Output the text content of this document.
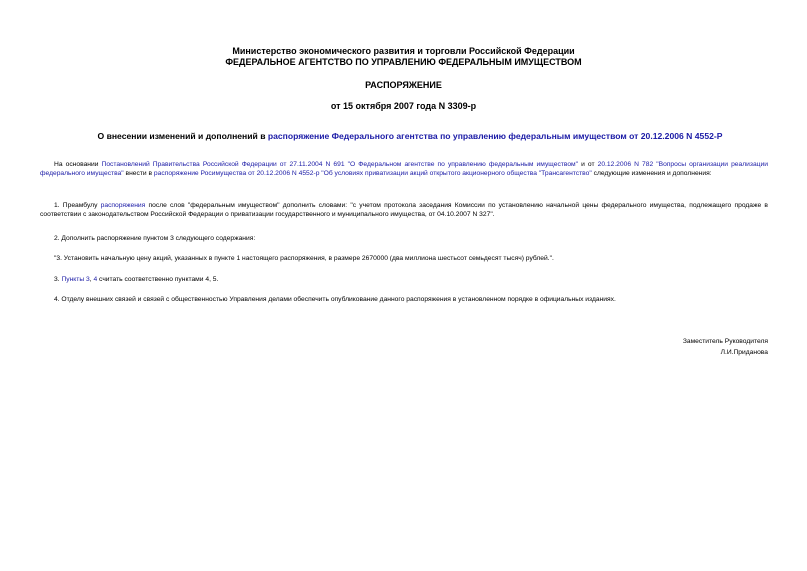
Министерство экономического развития и торговли Российской Федерации
ФЕДЕРАЛЬНОЕ АГЕНТСТВО ПО УПРАВЛЕНИЮ ФЕДЕРАЛЬНЫМ ИМУЩЕСТВОМ
РАСПОРЯЖЕНИЕ
от 15 октября 2007 года N 3309-р
О внесении изменений и дополнений в распоряжение Федерального агентства по управлению федеральным имуществом от 20.12.2006 N 4552-Р
На основании Постановлений Правительства Российской Федерации от 27.11.2004 N 691 "О Федеральном агентстве по управлению федеральным имуществом" и от 20.12.2006 N 782 "Вопросы организации реализации федерального имущества" внести в распоряжение Росимущества от 20.12.2006 N 4552-р "Об условиях приватизации акций открытого акционерного общества "Трансагентство" следующие изменения и дополнения:
1. Преамбулу распоряжения после слов "федеральным имуществом" дополнить словами: "с учетом протокола заседания Комиссии по установлению начальной цены федерального имущества, подлежащего продаже в соответствии с законодательством Российской Федерации о приватизации государственного и муниципального имущества, от 04.10.2007 N 327".
2. Дополнить распоряжение пунктом 3 следующего содержания:
"3. Установить начальную цену акций, указанных в пункте 1 настоящего распоряжения, в размере 2670000 (два миллиона шестьсот семьдесят тысяч) рублей.".
3. Пункты 3, 4 считать соответственно пунктами 4, 5.
4. Отделу внешних связей и связей с общественностью Управления делами обеспечить опубликование данного распоряжения в установленном порядке в официальных изданиях.
Заместитель Руководителя
Л.И.Приданова
